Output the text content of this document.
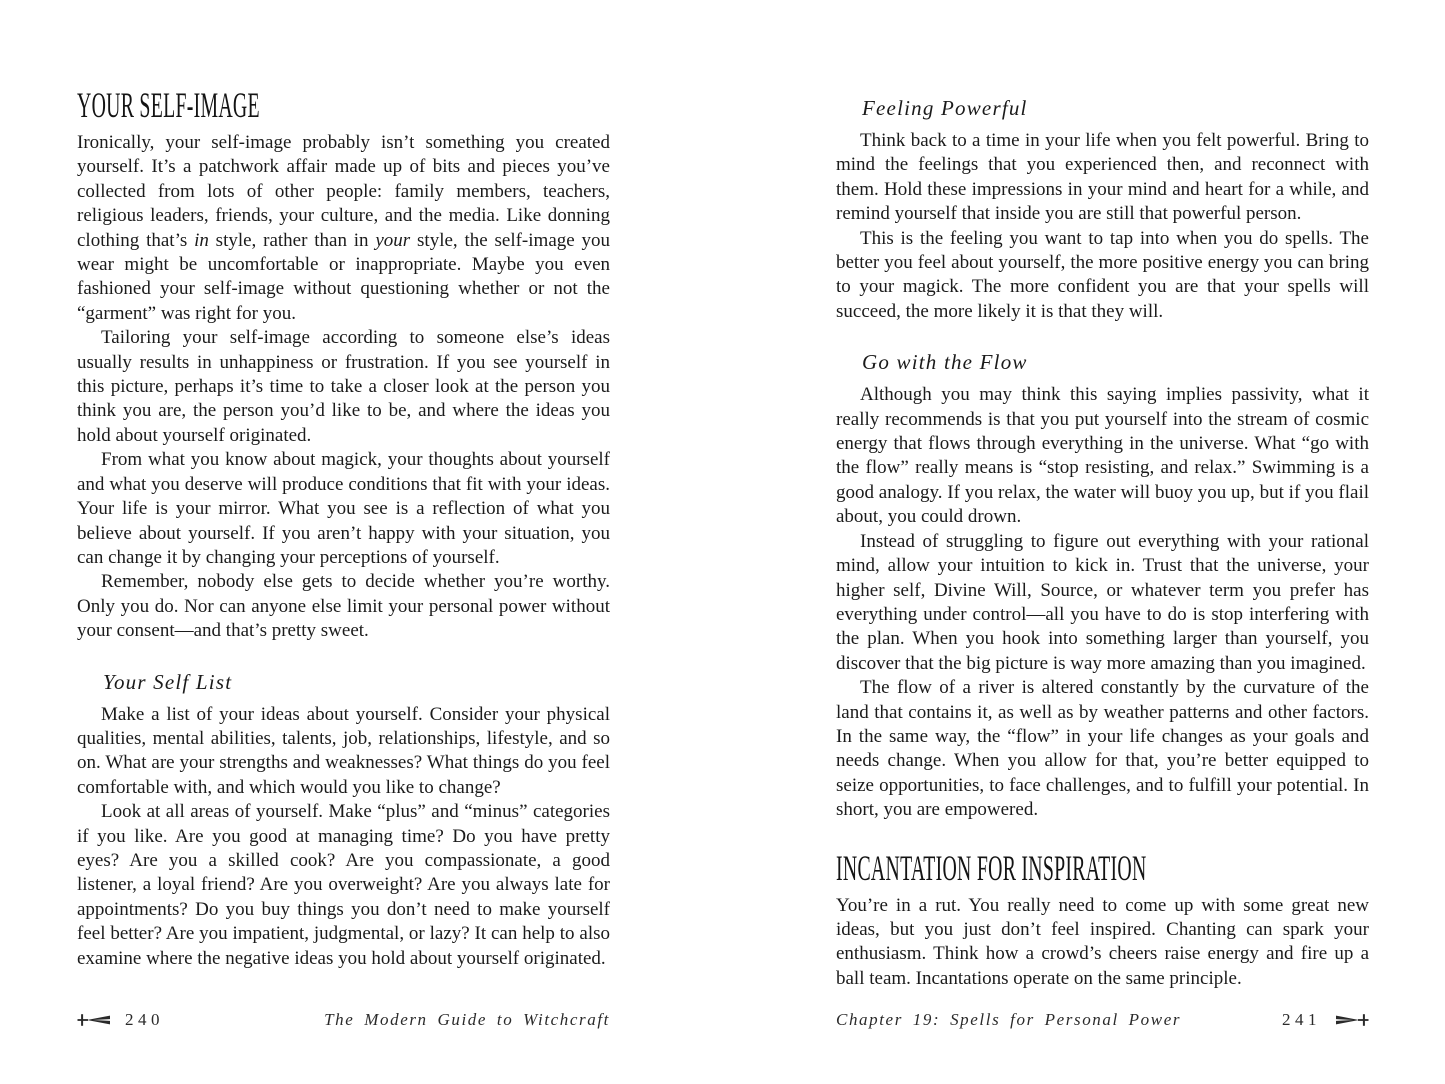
YOUR SELF-IMAGE

Ironically, your self-image probably isn’t something you created yourself. It’s a patchwork affair made up of bits and pieces you’ve collected from lots of other people: family members, teachers, religious leaders, friends, your culture, and the media. Like donning clothing that’s in style, rather than in your style, the self-image you wear might be uncomfortable or inappropriate. Maybe you even fashioned your self-image without questioning whether or not the “garment” was right for you.

Tailoring your self-image according to someone else’s ideas usually results in unhappiness or frustration. If you see yourself in this picture, perhaps it’s time to take a closer look at the person you think you are, the person you’d like to be, and where the ideas you hold about yourself originated.

From what you know about magick, your thoughts about yourself and what you deserve will produce conditions that fit with your ideas. Your life is your mirror. What you see is a reflection of what you believe about yourself. If you aren’t happy with your situation, you can change it by changing your perceptions of yourself.

Remember, nobody else gets to decide whether you’re worthy. Only you do. Nor can anyone else limit your personal power without your consent—and that’s pretty sweet.

Your Self List

Make a list of your ideas about yourself. Consider your physical qualities, mental abilities, talents, job, relationships, lifestyle, and so on. What are your strengths and weaknesses? What things do you feel comfortable with, and which would you like to change?

Look at all areas of yourself. Make “plus” and “minus” categories if you like. Are you good at managing time? Do you have pretty eyes? Are you a skilled cook? Are you compassionate, a good listener, a loyal friend? Are you overweight? Are you always late for appointments? Do you buy things you don’t need to make yourself feel better? Are you impatient, judgmental, or lazy? It can help to also examine where the negative ideas you hold about yourself originated.

240	The Modern Guide to Witchcraft
Feeling Powerful

Think back to a time in your life when you felt powerful. Bring to mind the feelings that you experienced then, and reconnect with them. Hold these impressions in your mind and heart for a while, and remind yourself that inside you are still that powerful person.

This is the feeling you want to tap into when you do spells. The better you feel about yourself, the more positive energy you can bring to your magick. The more confident you are that your spells will succeed, the more likely it is that they will.

Go with the Flow

Although you may think this saying implies passivity, what it really recommends is that you put yourself into the stream of cosmic energy that flows through everything in the universe. What “go with the flow” really means is “stop resisting, and relax.” Swimming is a good analogy. If you relax, the water will buoy you up, but if you flail about, you could drown.

Instead of struggling to figure out everything with your rational mind, allow your intuition to kick in. Trust that the universe, your higher self, Divine Will, Source, or whatever term you prefer has everything under control—all you have to do is stop interfering with the plan. When you hook into something larger than yourself, you discover that the big picture is way more amazing than you imagined.

The flow of a river is altered constantly by the curvature of the land that contains it, as well as by weather patterns and other factors. In the same way, the “flow” in your life changes as your goals and needs change. When you allow for that, you’re better equipped to seize opportunities, to face challenges, and to fulfill your potential. In short, you are empowered.

INCANTATION FOR INSPIRATION

You’re in a rut. You really need to come up with some great new ideas, but you just don’t feel inspired. Chanting can spark your enthusiasm. Think how a crowd’s cheers raise energy and fire up a ball team. Incantations operate on the same principle.

Chapter 19: Spells for Personal Power	241
